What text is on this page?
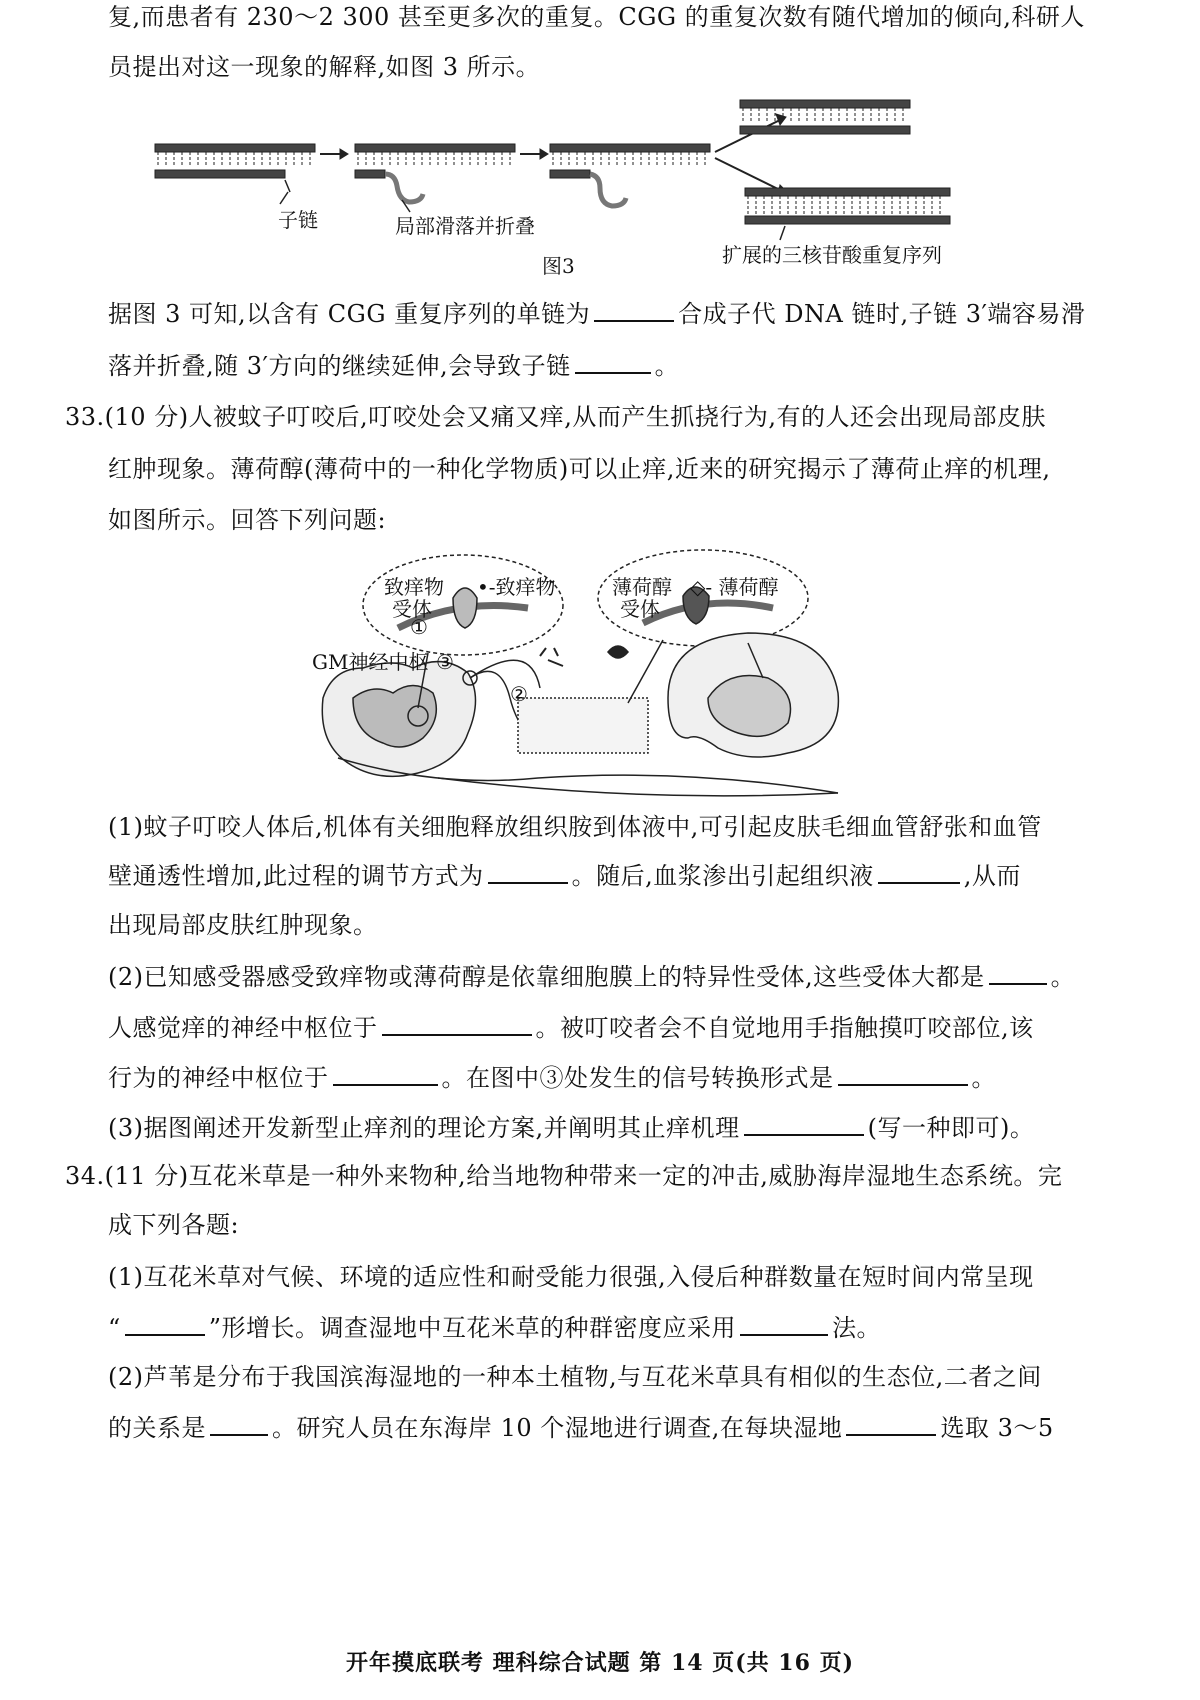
复,而患者有 230～2 300 甚至更多次的重复。CGG 的重复次数有随代增加的倾向,科研人
员提出对这一现象的解释,如图 3 所示。
子链	局部滑落并折叠
扩展的三核苷酸重复序列
图3
据图 3 可知,以含有 CGG 重复序列的单链为	合成子代 DNA 链时,子链 3′端容易滑
落并折叠,随 3′方向的继续延伸,会导致子链	。
33.(10 分)人被蚊子叮咬后,叮咬处会又痛又痒,从而产生抓挠行为,有的人还会出现局部皮肤
红肿现象。薄荷醇(薄荷中的一种化学物质)可以止痒,近来的研究揭示了薄荷止痒的机理,
如图所示。回答下列问题:
致痒物
受体
•-致痒物	薄荷醇
受体
◇- 薄荷醇
GM神经中枢
①
②
③
(1)蚊子叮咬人体后,机体有关细胞释放组织胺到体液中,可引起皮肤毛细血管舒张和血管
壁通透性增加,此过程的调节方式为	。随后,血浆渗出引起组织液	,从而
出现局部皮肤红肿现象。
(2)已知感受器感受致痒物或薄荷醇是依靠细胞膜上的特异性受体,这些受体大都是	。
人感觉痒的神经中枢位于	。被叮咬者会不自觉地用手指触摸叮咬部位,该
行为的神经中枢位于	。在图中③处发生的信号转换形式是	。
(3)据图阐述开发新型止痒剂的理论方案,并阐明其止痒机理	(写一种即可)。
34.(11 分)互花米草是一种外来物种,给当地物种带来一定的冲击,威胁海岸湿地生态系统。完
成下列各题:
(1)互花米草对气候、环境的适应性和耐受能力很强,入侵后种群数量在短时间内常呈现
“	”形增长。调查湿地中互花米草的种群密度应采用	法。
(2)芦苇是分布于我国滨海湿地的一种本土植物,与互花米草具有相似的生态位,二者之间
的关系是	。研究人员在东海岸 10 个湿地进行调查,在每块湿地	选取 3～5
开年摸底联考 理科综合试题 第 14 页(共 16 页)
